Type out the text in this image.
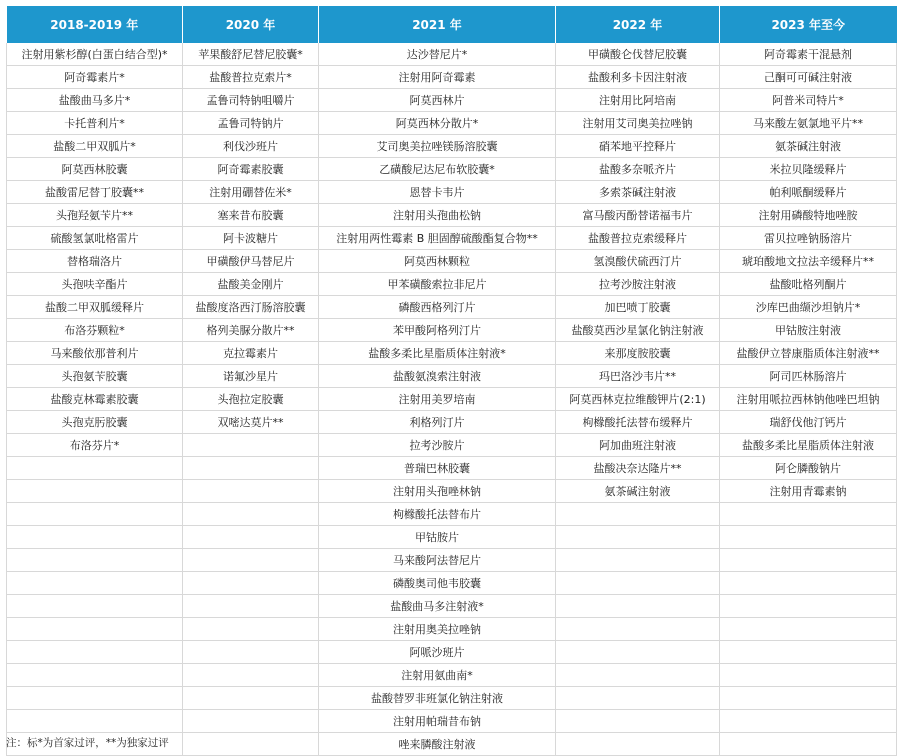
2018-2019 年	2020 年	2021 年	2022 年	2023 年至今
注射用紫杉醇(白蛋白结合型)*	苹果酸舒尼替尼胶囊*	达沙替尼片*	甲磺酸仑伐替尼胶囊	阿奇霉素干混悬剂
阿奇霉素片*	盐酸普拉克索片*	注射用阿奇霉素	盐酸利多卡因注射液	己酮可可碱注射液
盐酸曲马多片*	孟鲁司特钠咀嚼片	阿莫西林片	注射用比阿培南	阿普米司特片*
卡托普利片*	孟鲁司特钠片	阿莫西林分散片*	注射用艾司奥美拉唑钠	马来酸左氨氯地平片**
盐酸二甲双胍片*	利伐沙班片	艾司奥美拉唑镁肠溶胶囊	硝苯地平控释片	氨茶碱注射液
阿莫西林胶囊	阿奇霉素胶囊	乙磺酸尼达尼布软胶囊*	盐酸多奈哌齐片	米拉贝隆缓释片
盐酸雷尼替丁胶囊**	注射用硼替佐米*	恩替卡韦片	多索茶碱注射液	帕利哌酮缓释片
头孢羟氨苄片**	塞来昔布胶囊	注射用头孢曲松钠	富马酸丙酚替诺福韦片	注射用磷酸特地唑胺
硫酸氢氯吡格雷片	阿卡波糖片	注射用两性霉素 B 胆固醇硫酸酯复合物**	盐酸普拉克索缓释片	雷贝拉唑钠肠溶片
替格瑞洛片	甲磺酸伊马替尼片	阿莫西林颗粒	氢溴酸伏硫西汀片	琥珀酸地文拉法辛缓释片**
头孢呋辛酯片	盐酸美金刚片	甲苯磺酸索拉非尼片	拉考沙胺注射液	盐酸吡格列酮片
盐酸二甲双胍缓释片	盐酸度洛西汀肠溶胶囊	磷酸西格列汀片	加巴喷丁胶囊	沙库巴曲缬沙坦钠片*
布洛芬颗粒*	格列美脲分散片**	苯甲酸阿格列汀片	盐酸莫西沙星氯化钠注射液	甲钴胺注射液
马来酸依那普利片	克拉霉素片	盐酸多柔比星脂质体注射液*	来那度胺胶囊	盐酸伊立替康脂质体注射液**
头孢氨苄胶囊	诺氟沙星片	盐酸氨溴索注射液	玛巴洛沙韦片**	阿司匹林肠溶片
盐酸克林霉素胶囊	头孢拉定胶囊	注射用美罗培南	阿莫西林克拉维酸钾片(2:1)	注射用哌拉西林钠他唑巴坦钠
头孢克肟胶囊	双嘧达莫片**	利格列汀片	枸橼酸托法替布缓释片	瑞舒伐他汀钙片
布洛芬片*		拉考沙胺片	阿加曲班注射液	盐酸多柔比星脂质体注射液
		普瑞巴林胶囊	盐酸决奈达隆片**	阿仑膦酸钠片
		注射用头孢唑林钠	氨茶碱注射液	注射用青霉素钠
		枸橼酸托法替布片		
		甲钴胺片		
		马来酸阿法替尼片		
		磷酸奥司他韦胶囊		
		盐酸曲马多注射液*		
		注射用奥美拉唑钠		
		阿哌沙班片		
		注射用氨曲南*		
		盐酸替罗非班氯化钠注射液		
		注射用帕瑞昔布钠		
		唑来膦酸注射液		
注：标*为首家过评，**为独家过评
